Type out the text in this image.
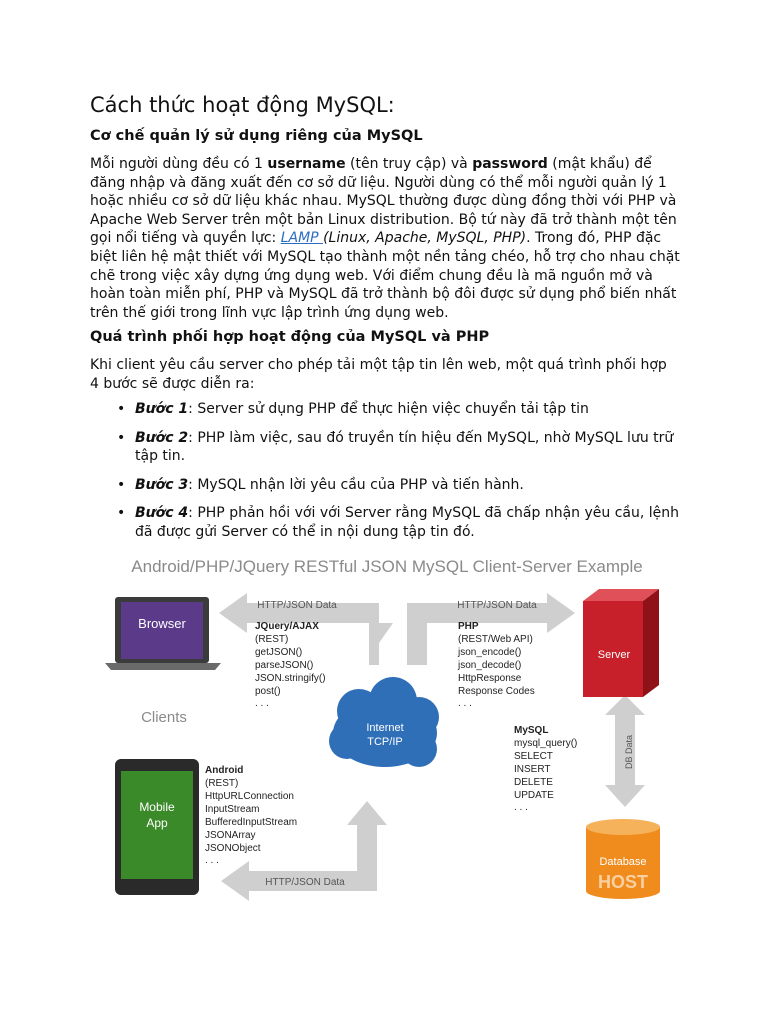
Cách thức hoạt động MySQL:
Cơ chế quản lý sử dụng riêng của MySQL

Mỗi người dùng đều có 1 username (tên truy cập) và password (mật khẩu) để đăng nhập và đăng xuất đến cơ sở dữ liệu. Người dùng có thể mỗi người quản lý 1 hoặc nhiều cơ sở dữ liệu khác nhau. MySQL thường được dùng đồng thời với PHP và Apache Web Server trên một bản Linux distribution. Bộ tứ này đã trở thành một tên gọi nổi tiếng và quyền lực: LAMP (Linux, Apache, MySQL, PHP). Trong đó, PHP đặc biệt liên hệ mật thiết với MySQL tạo thành một nền tảng chéo, hỗ trợ cho nhau chặt chẽ trong việc xây dựng ứng dụng web. Với điểm chung đều là mã nguồn mở và hoàn toàn miễn phí, PHP và MySQL đã trở thành bộ đôi được sử dụng phổ biến nhất trên thế giới trong lĩnh vực lập trình ứng dụng web.

Quá trình phối hợp hoạt động của MySQL và PHP

Khi client yêu cầu server cho phép tải một tập tin lên web, một quá trình phối hợp 4 bước sẽ được diễn ra:

• Bước 1: Server sử dụng PHP để thực hiện việc chuyển tải tập tin
• Bước 2: PHP làm việc, sau đó truyền tín hiệu đến MySQL, nhờ MySQL lưu trữ tập tin.
• Bước 3: MySQL nhận lời yêu cầu của PHP và tiến hành.
• Bước 4: PHP phản hồi với với Server rằng MySQL đã chấp nhận yêu cầu, lệnh đã được gửi Server có thể in nội dung tập tin đó.
Android/PHP/JQuery RESTful JSON MySQL Client-Server Example
HTTP/JSON Data	HTTP/JSON Data
HTTP/JSON Data
DB Data
Browser
Clients
Mobile
App
Internet
TCP/IP
Server
Database
HOST
JQuery/AJAX
(REST)
getJSON()
parseJSON()
JSON.stringify()
post()
. . .
PHP
(REST/Web API)
json_encode()
json_decode()
HttpResponse
Response Codes
. . .
MySQL
mysql_query()
SELECT
INSERT
DELETE
UPDATE
. . .
Android
(REST)
HttpURLConnection
InputStream
BufferedInputStream
JSONArray
JSONObject
. . .
